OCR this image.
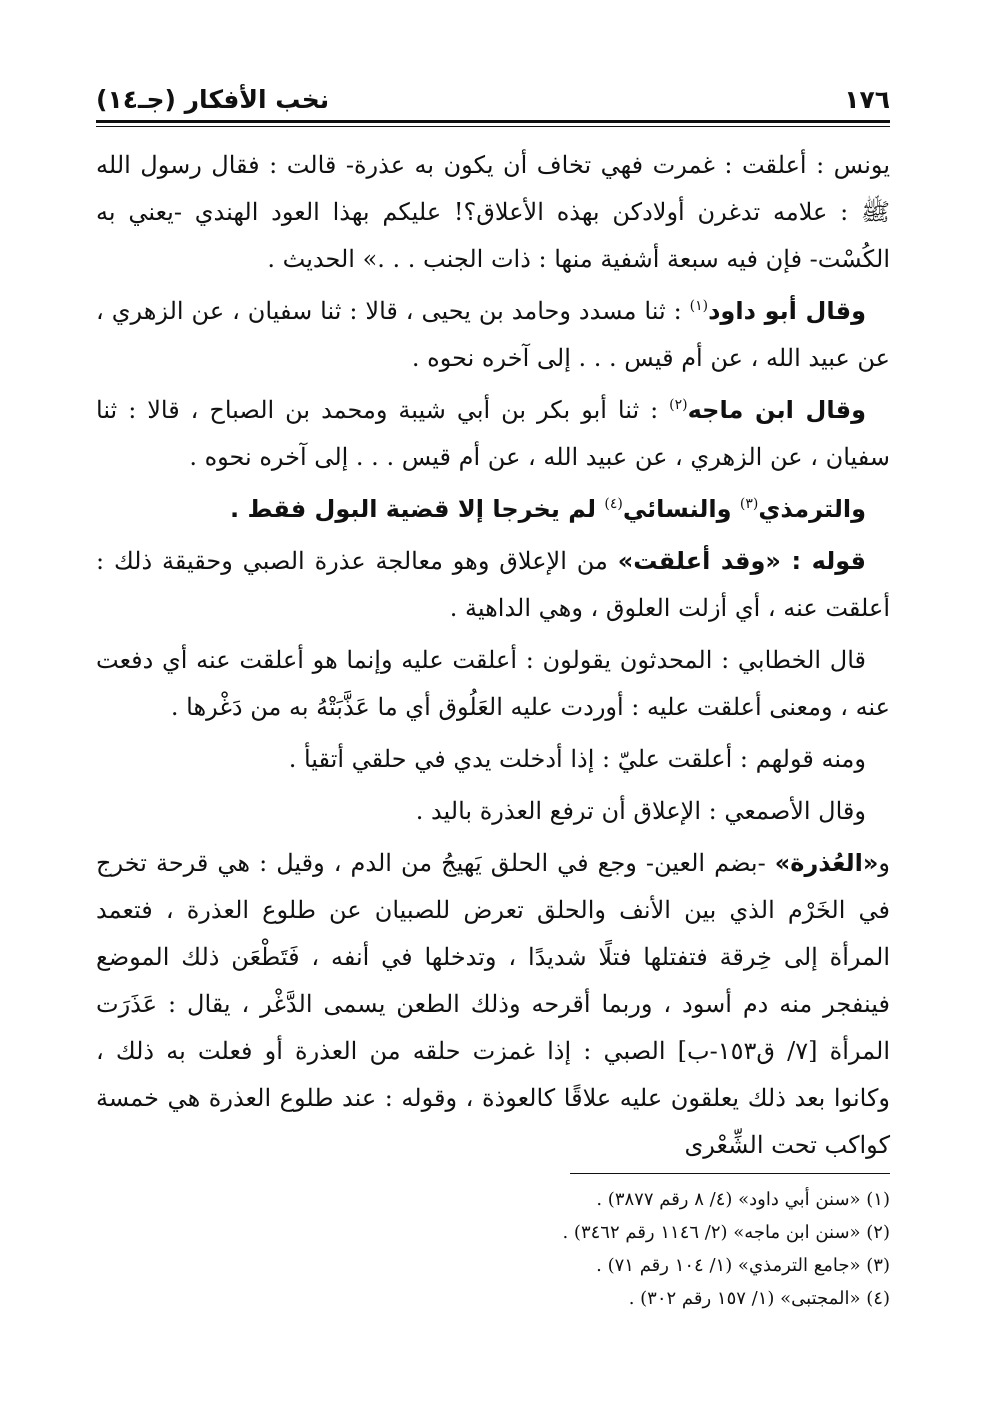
١٧٦
نخب الأفكار (جـ١٤)

يونس : أعلقت : غمرت فهي تخاف أن يكون به عذرة- قالت : فقال رسول الله ﷺ : علامه تدغرن أولادكن بهذه الأعلاق؟! عليكم بهذا العود الهندي -يعني به الكُسْت- فإن فيه سبعة أشفية منها : ذات الجنب . . .» الحديث .

وقال أبو داود$^{(١)}$ : ثنا مسدد وحامد بن يحيى ، قالا : ثنا سفيان ، عن الزهري ، عن عبيد الله ، عن أم قيس . . . إلى آخره نحوه .

وقال ابن ماجه$^{(٢)}$ : ثنا أبو بكر بن أبي شيبة ومحمد بن الصباح ، قالا : ثنا سفيان ، عن الزهري ، عن عبيد الله ، عن أم قيس . . . إلى آخره نحوه .

والترمذي$^{(٣)}$ والنسائي$^{(٤)}$ لم يخرجا إلا قضية البول فقط .

قوله : «وقد أعلقت» من الإعلاق وهو معالجة عذرة الصبي وحقيقة ذلك : أعلقت عنه ، أي أزلت العلوق ، وهي الداهية .

قال الخطابي : المحدثون يقولون : أعلقت عليه وإنما هو أعلقت عنه أي دفعت عنه ، ومعنى أعلقت عليه : أوردت عليه العَلُوق أي ما عَذَّبَتْهُ به من دَغْرها .

ومنه قولهم : أعلقت عليّ : إذا أدخلت يدي في حلقي أتقيأ .

وقال الأصمعي : الإعلاق أن ترفع العذرة باليد .

و«العُذرة» -بضم العين- وجع في الحلق يَهيجُ من الدم ، وقيل : هي قرحة تخرج في الخَرْم الذي بين الأنف والحلق تعرض للصبيان عن طلوع العذرة ، فتعمد المرأة إلى خِرقة فتفتلها فتلًا شديدًا ، وتدخلها في أنفه ، فَتَطْعَن ذلك الموضع فينفجر منه دم أسود ، وربما أقرحه وذلك الطعن يسمى الدَّغْر ، يقال : عَذَرَت المرأة [٧/ ق١٥٣-ب] الصبي : إذا غمزت حلقه من العذرة أو فعلت به ذلك ، وكانوا بعد ذلك يعلقون عليه علاقًا كالعوذة ، وقوله : عند طلوع العذرة هي خمسة كواكب تحت الشِّعْرى

(١) «سنن أبي داود» (٤/ ٨ رقم ٣٨٧٧) .
(٢) «سنن ابن ماجه» (٢/ ١١٤٦ رقم ٣٤٦٢) .
(٣) «جامع الترمذي» (١/ ١٠٤ رقم ٧١) .
(٤) «المجتبى» (١/ ١٥٧ رقم ٣٠٢) .
